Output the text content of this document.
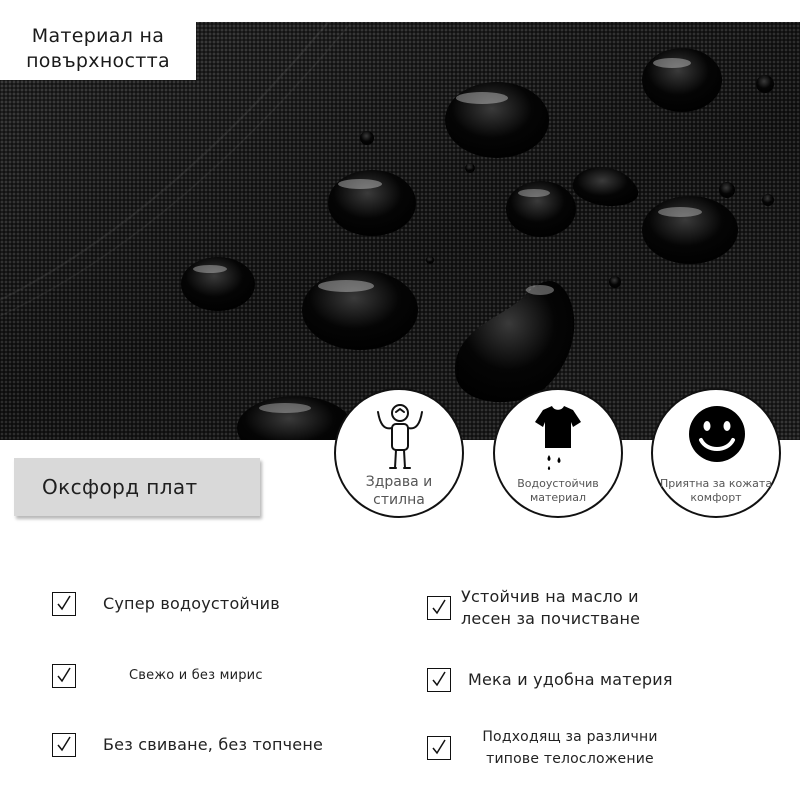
Материал на повърхността
Оксфорд плат	Здрава и стилна
Водоустойчив материал
Приятна за кожата комфорт
Супер водоустойчив
Свежо и без мирис
Без свиване, без топчене
Устойчив на масло и лесен за почистване
Мека и удобна материя
Подходящ за различни типове телосложение
